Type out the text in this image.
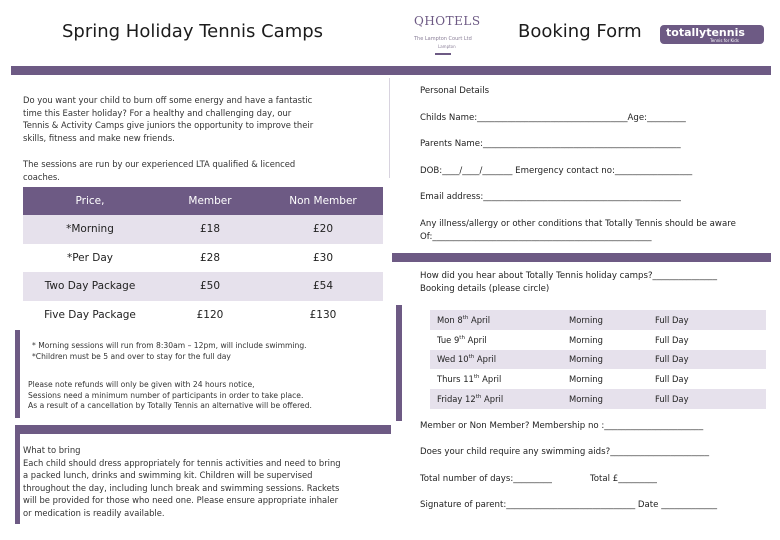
Spring Holiday Tennis Camps	QHOTELS
The Lampton Court Ltd
Lampton
Booking Form totallytennis
Tennis for Kids
Do you want your child to burn off some energy and have a fantastic
time this Easter holiday? For a healthy and challenging day, our
Tennis & Activity Camps give juniors the opportunity to improve their
skills, fitness and make new friends.
The sessions are run by our experienced LTA qualified & licenced
coaches.
Price,	Member	Non Member
*Morning	£18	£20
*Per Day	£28	£30
Two Day Package	£50	£54
Five Day Package	£120	£130
* Morning sessions will run from 8:30am – 12pm, will include swimming.
*Children must be 5 and over to stay for the full day
Please note refunds will only be given with 24 hours notice,
Sessions need a minimum number of participants in order to take place.
As a result of a cancellation by Totally Tennis an alternative will be offered.
What to bring
Each child should dress appropriately for tennis activities and need to bring
a packed lunch, drinks and swimming kit. Children will be supervised
throughout the day, including lunch break and swimming sessions. Rackets
will be provided for those who need one. Please ensure appropriate inhaler
or medication is readily available.
Personal Details
Childs Name:___________________________________Age:_________
Parents Name:______________________________________________
DOB:____/____/_______ Emergency contact no:__________________
Email address:______________________________________________
Any illness/allergy or other conditions that Totally Tennis should be aware
Of:___________________________________________________
How did you hear about Totally Tennis holiday camps?_______________
Booking details (please circle)
Mon 8th April	Morning	Full Day
Tue 9th April	Morning	Full Day
Wed 10th April	Morning	Full Day
Thurs 11th April	Morning	Full Day
Friday 12th April	Morning	Full Day
Member or Non Member? Membership no :_______________________
Does your child require any swimming aids?_______________________
Total number of days:_________	Total £_________
Signature of parent:______________________________ Date _____________
